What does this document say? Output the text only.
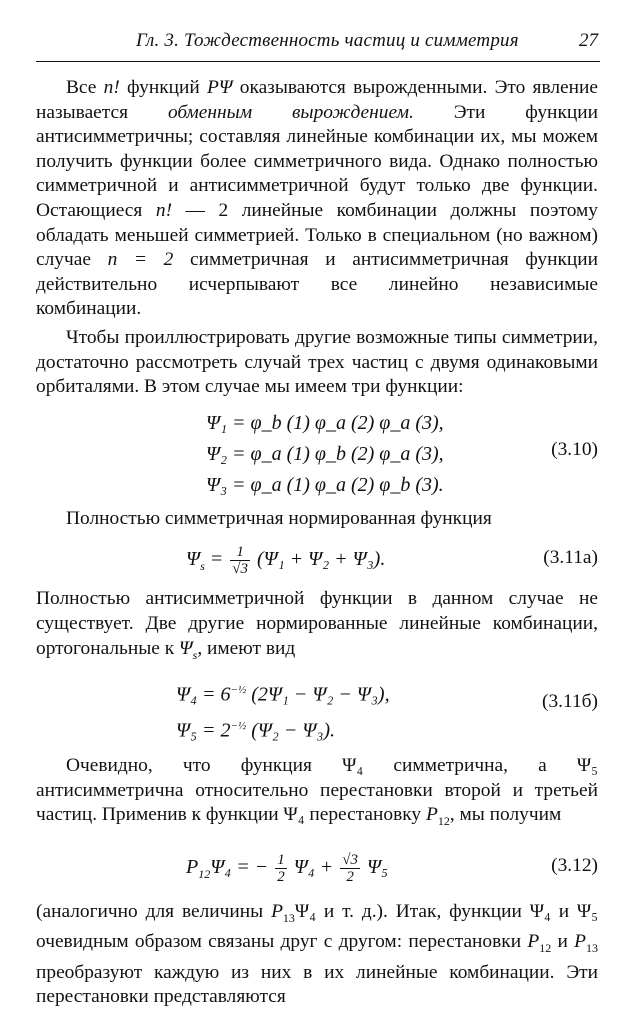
Гл. 3. Тождественность частиц и симметрия	27

Все n! функций PΨ оказываются вырожденными. Это явление называется обменным вырождением. Эти функции антисимметричны; составляя линейные комбинации их, мы можем получить функции более симметричного вида. Однако полностью симметричной и антисимметричной будут только две функции. Остающиеся n! — 2 линейные комбинации должны поэтому обладать меньшей симметрией. Только в специальном (но важном) случае n = 2 симметричная и антисимметричная функции действительно исчерпывают все линейно независимые комбинации.

Чтобы проиллюстрировать другие возможные типы симметрии, достаточно рассмотреть случай трех частиц с двумя одинаковыми орбиталями. В этом случае мы имеем три функции:

Ψ₁ = φ_b (1) φ_a (2) φ_a (3),
Ψ₂ = φ_a (1) φ_b (2) φ_a (3),
Ψ₃ = φ_a (1) φ_a (2) φ_b (3).
(3.10)

Полностью симметричная нормированная функция

$\Psi_s = \frac{1}{√3} (\Psi_1 + \Psi_2 + \Psi_3)$.	(3.11а)

Полностью антисимметричной функции в данном случае не существует. Две другие нормированные линейные комбинации, ортогональные к $\Psi_s$, имеют вид

$\Psi_4 = 6^{-\frac{1}{2}}$ (2Ψ₁ − Ψ₂ − Ψ₃),
$\Psi_5 = 2^{-\frac{1}{2}}$ (Ψ₂ − Ψ₃).
(3.11б)

Очевидно, что функция Ψ₄ симметрична, а Ψ₅ антисимметрична относительно перестановки второй и третьей частиц. Применив к функции Ψ₄ перестановку $P_{12}$, мы получим

$P_{12}\Psi_4$ = − $\frac{1}{2} \Psi_4 + \frac{√3}{2} \Psi_5$	(3.12)

(аналогично для величины $P_{13}\Psi_4$ и т. д.). Итак, функции Ψ₄ и Ψ₅ очевидным образом связаны друг с другом: перестановки $P_{12}$ и $P_{13}$ преобразуют каждую из них в их линейные комбинации. Эти перестановки представляются
